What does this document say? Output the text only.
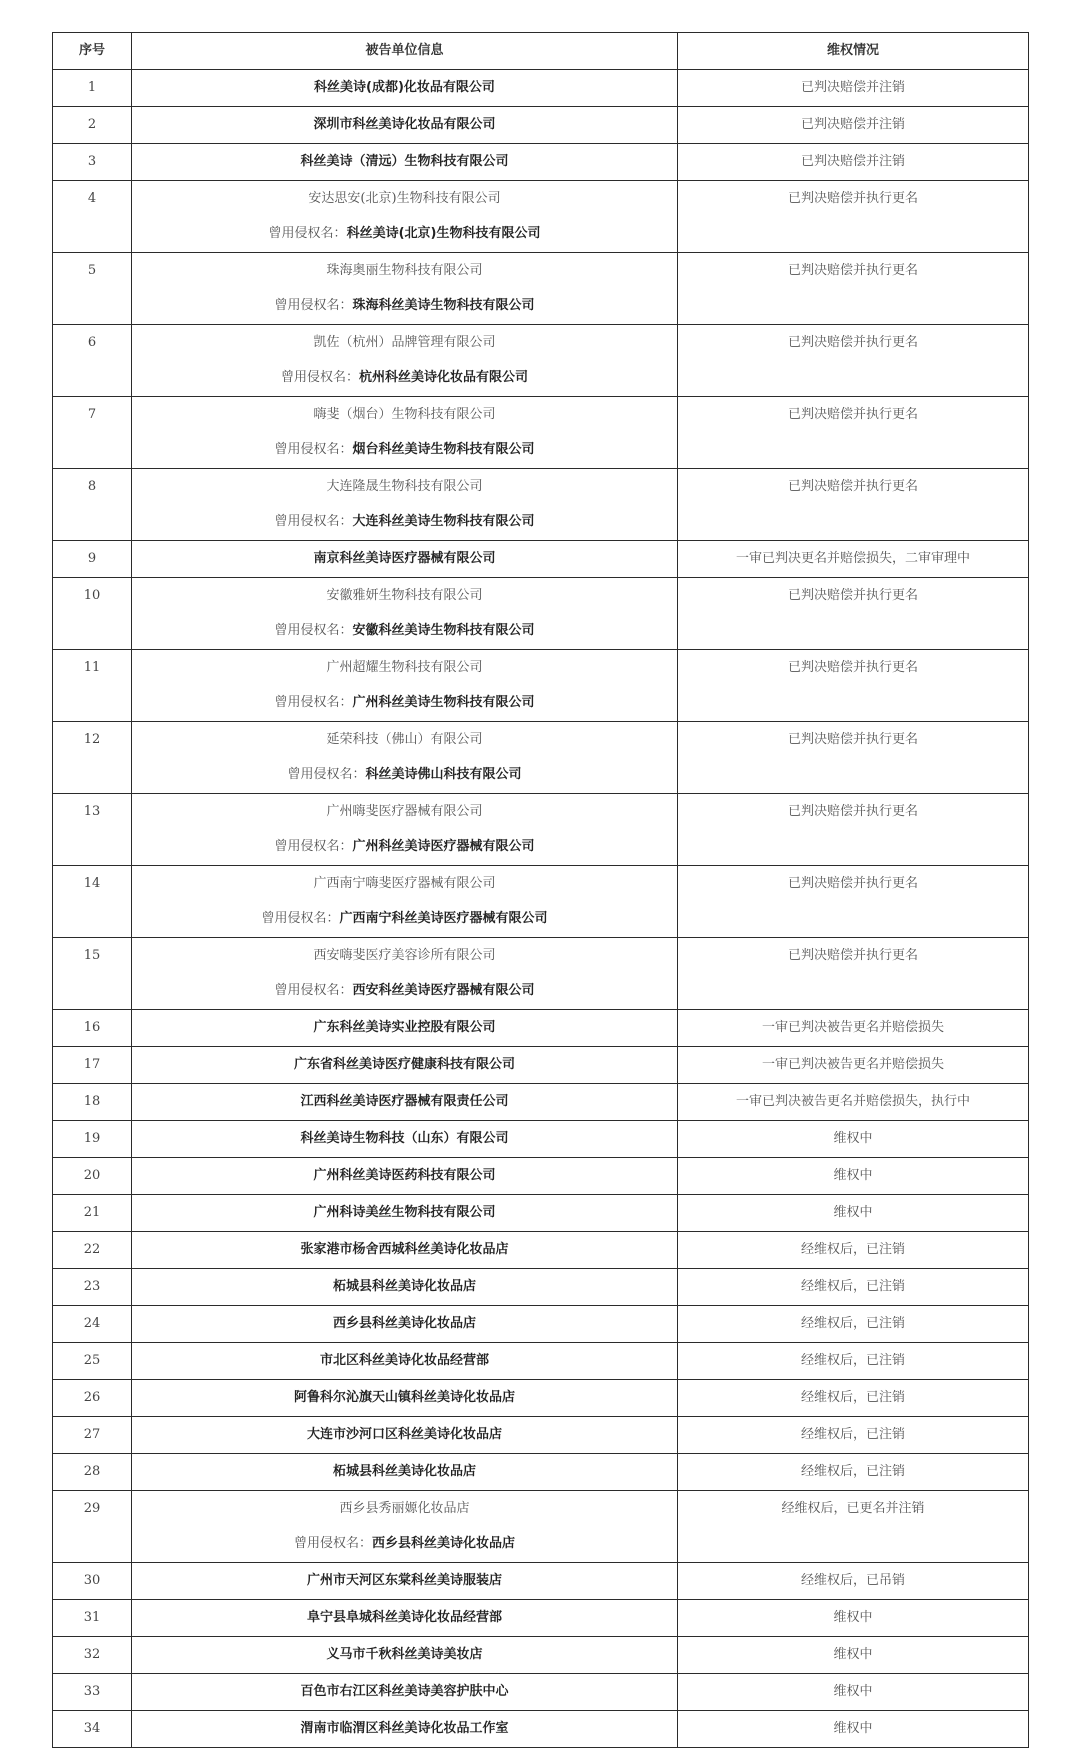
序号	被告单位信息	维权情况
1	科丝美诗(成都)化妆品有限公司	已判决赔偿并注销
2	深圳市科丝美诗化妆品有限公司	已判决赔偿并注销
3	科丝美诗（清远）生物科技有限公司	已判决赔偿并注销
4	安达思安(北京)生物科技有限公司
曾用侵权名：科丝美诗(北京)生物科技有限公司	已判决赔偿并执行更名
5	珠海奥丽生物科技有限公司
曾用侵权名：珠海科丝美诗生物科技有限公司	已判决赔偿并执行更名
6	凯佐（杭州）品牌管理有限公司
曾用侵权名：杭州科丝美诗化妆品有限公司	已判决赔偿并执行更名
7	嗨斐（烟台）生物科技有限公司
曾用侵权名：烟台科丝美诗生物科技有限公司	已判决赔偿并执行更名
8	大连隆晟生物科技有限公司
曾用侵权名：大连科丝美诗生物科技有限公司	已判决赔偿并执行更名
9	南京科丝美诗医疗器械有限公司	一审已判决更名并赔偿损失，二审审理中
10	安徽雅妍生物科技有限公司
曾用侵权名：安徽科丝美诗生物科技有限公司	已判决赔偿并执行更名
11	广州超耀生物科技有限公司
曾用侵权名：广州科丝美诗生物科技有限公司	已判决赔偿并执行更名
12	延荣科技（佛山）有限公司
曾用侵权名：科丝美诗佛山科技有限公司	已判决赔偿并执行更名
13	广州嗨斐医疗器械有限公司
曾用侵权名：广州科丝美诗医疗器械有限公司	已判决赔偿并执行更名
14	广西南宁嗨斐医疗器械有限公司
曾用侵权名：广西南宁科丝美诗医疗器械有限公司	已判决赔偿并执行更名
15	西安嗨斐医疗美容诊所有限公司
曾用侵权名：西安科丝美诗医疗器械有限公司	已判决赔偿并执行更名
16	广东科丝美诗实业控股有限公司	一审已判决被告更名并赔偿损失
17	广东省科丝美诗医疗健康科技有限公司	一审已判决被告更名并赔偿损失
18	江西科丝美诗医疗器械有限责任公司	一审已判决被告更名并赔偿损失，执行中
19	科丝美诗生物科技（山东）有限公司	维权中
20	广州科丝美诗医药科技有限公司	维权中
21	广州科诗美丝生物科技有限公司	维权中
22	张家港市杨舍西城科丝美诗化妆品店	经维权后，已注销
23	柘城县科丝美诗化妆品店	经维权后，已注销
24	西乡县科丝美诗化妆品店	经维权后，已注销
25	市北区科丝美诗化妆品经营部	经维权后，已注销
26	阿鲁科尔沁旗天山镇科丝美诗化妆品店	经维权后，已注销
27	大连市沙河口区科丝美诗化妆品店	经维权后，已注销
28	柘城县科丝美诗化妆品店	经维权后，已注销
29	西乡县秀丽嫄化妆品店
曾用侵权名：西乡县科丝美诗化妆品店	经维权后，已更名并注销
30	广州市天河区东棠科丝美诗服装店	经维权后，已吊销
31	阜宁县阜城科丝美诗化妆品经营部	维权中
32	义马市千秋科丝美诗美妆店	维权中
33	百色市右江区科丝美诗美容护肤中心	维权中
34	渭南市临渭区科丝美诗化妆品工作室	维权中
